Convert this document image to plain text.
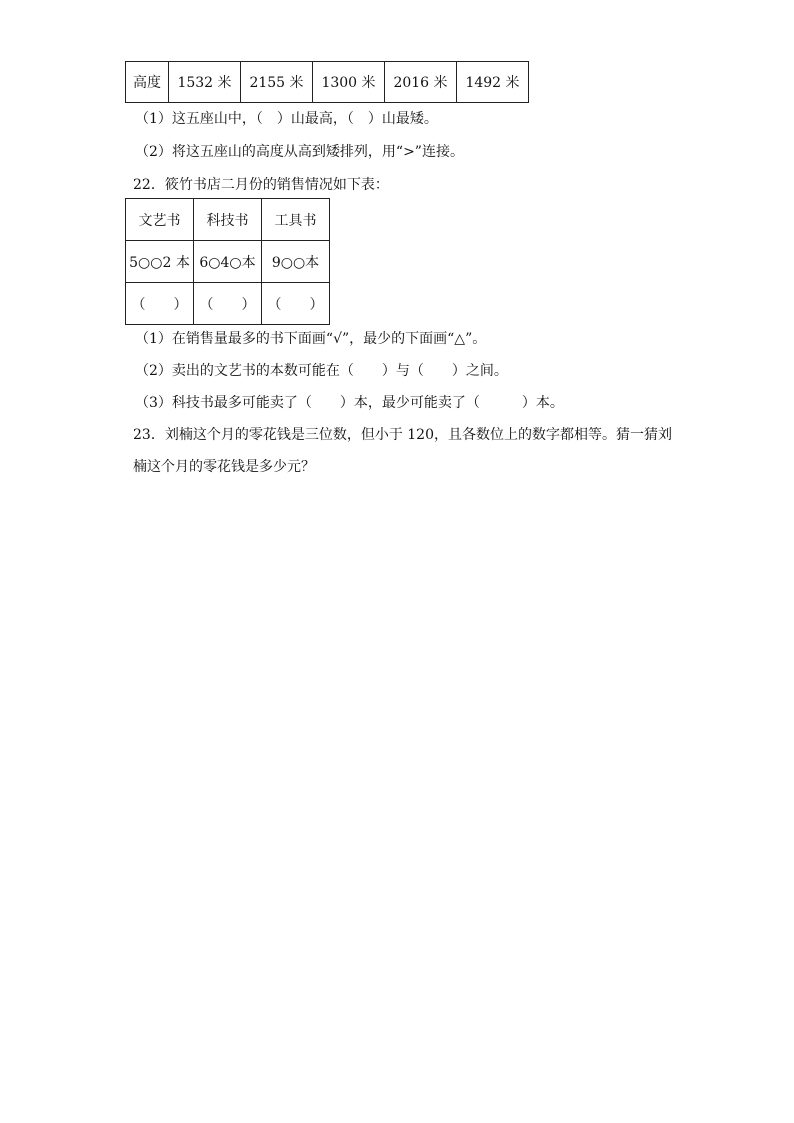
高度	1532 米	2155 米	1300 米	2016 米	1492 米
（1）这五座山中，（　）山最高，（　）山最矮。
（2）将这五座山的高度从高到矮排列，用“>”连接。
22．筱竹书店二月份的销售情况如下表：
文艺书	科技书	工具书
5○○2 本	6○4○本	9○○本
（　　）	（　　）	（　　）
（1）在销售量最多的书下面画“√”，最少的下面画“△”。
（2）卖出的文艺书的本数可能在（　　）与（　　）之间。
（3）科技书最多可能卖了（　　）本，最少可能卖了（　　　）本。
23．刘楠这个月的零花钱是三位数，但小于 120，且各数位上的数字都相等。猜一猜刘
楠这个月的零花钱是多少元？
